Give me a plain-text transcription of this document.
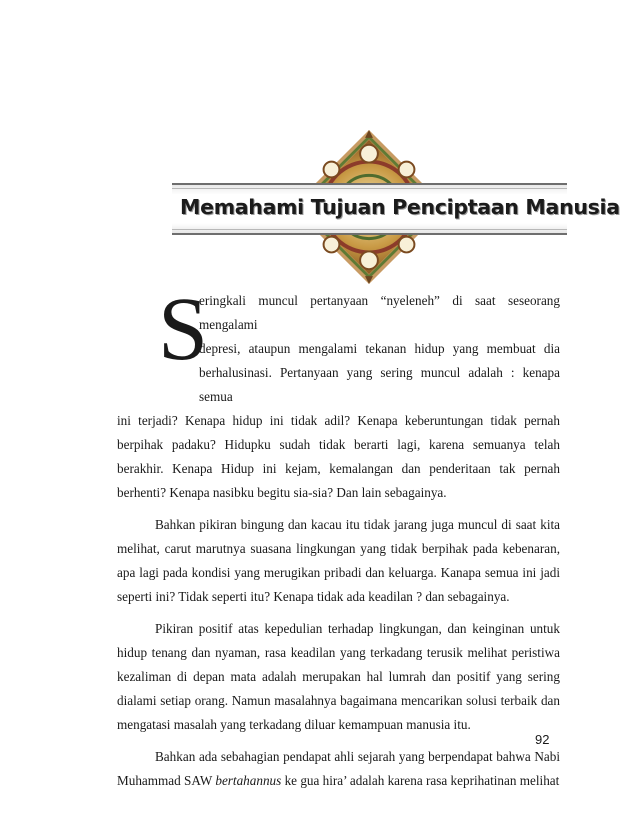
Memahami Tujuan Penciptaan Manusia
S

eringkali muncul pertanyaan “nyeleneh” di saat seseorang mengalami
depresi, ataupun mengalami tekanan hidup yang membuat dia
berhalusinasi. Pertanyaan yang sering muncul adalah : kenapa semua
ini terjadi? Kenapa hidup ini tidak adil? Kenapa keberuntungan tidak pernah berpihak padaku? Hidupku sudah tidak berarti lagi, karena semuanya telah berakhir. Kenapa Hidup ini kejam, kemalangan dan penderitaan tak pernah berhenti? Kenapa nasibku begitu sia-sia? Dan lain sebagainya.

Bahkan pikiran bingung dan kacau itu tidak jarang juga muncul di saat kita melihat, carut marutnya suasana lingkungan yang tidak berpihak pada kebenaran, apa lagi pada kondisi yang merugikan pribadi dan keluarga. Kanapa semua ini jadi seperti ini? Tidak seperti itu? Kenapa tidak ada keadilan ? dan sebagainya.

Pikiran positif atas kepedulian terhadap lingkungan, dan keinginan untuk hidup tenang dan nyaman, rasa keadilan yang terkadang terusik melihat peristiwa kezaliman di depan mata adalah merupakan hal lumrah dan positif yang sering dialami setiap orang. Namun masalahnya bagaimana mencarikan solusi terbaik dan mengatasi masalah yang terkadang diluar kemampuan manusia itu.

Bahkan ada sebahagian pendapat ahli sejarah yang berpendapat bahwa Nabi Muhammad SAW bertahannus ke gua hira’ adalah karena rasa keprihatinan melihat

92
